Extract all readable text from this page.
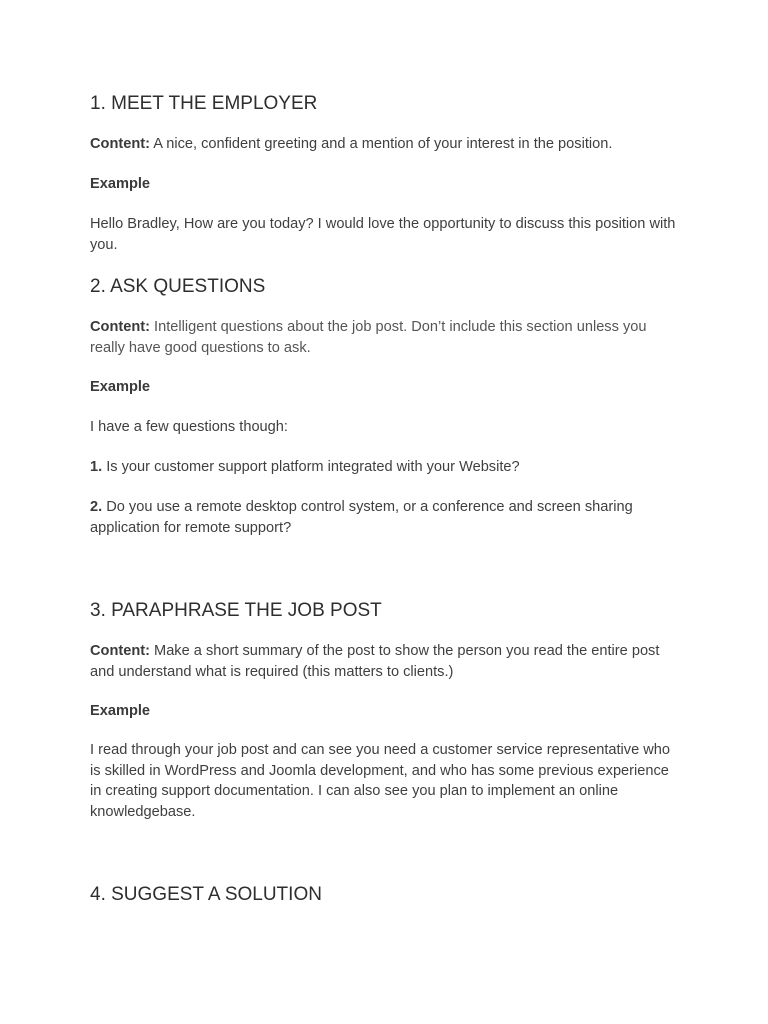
1. MEET THE EMPLOYER

Content: A nice, confident greeting and a mention of your interest in the position.

Example

Hello Bradley, How are you today? I would love the opportunity to discuss this position with you.

2. ASK QUESTIONS

Content: Intelligent questions about the job post. Don’t include this section unless you really have good questions to ask.

Example

I have a few questions though:

1. Is your customer support platform integrated with your Website?

2. Do you use a remote desktop control system, or a conference and screen sharing application for remote support?

3. PARAPHRASE THE JOB POST

Content: Make a short summary of the post to show the person you read the entire post and understand what is required (this matters to clients.)

Example

I read through your job post and can see you need a customer service representative who is skilled in WordPress and Joomla development, and who has some previous experience in creating support documentation. I can also see you plan to implement an online knowledgebase.

4. SUGGEST A SOLUTION
